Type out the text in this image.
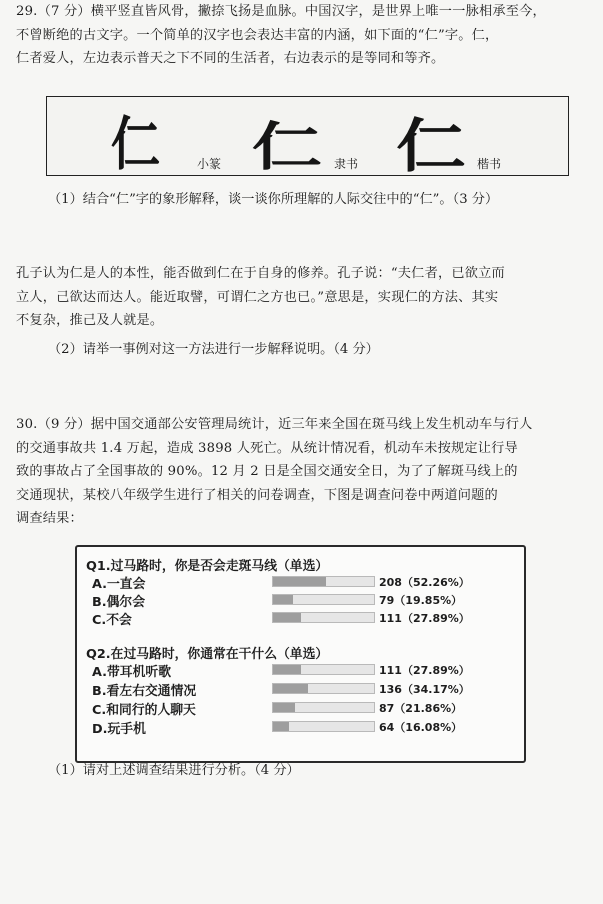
29.（7 分）横平竖直皆风骨，撇捺飞扬是血脉。中国汉字，是世界上唯一一脉相承至今，
不曾断绝的古文字。一个简单的汉字也会表达丰富的内涵，如下面的“仁”字。仁，
仁者爱人，左边表示普天之下不同的生活者，右边表示的是等同和等齐。
仁 仁 仁
小篆	隶书	楷书
（1）结合“仁”字的象形解释，谈一谈你所理解的人际交往中的“仁”。（3 分）
孔子认为仁是人的本性，能否做到仁在于自身的修养。孔子说：“夫仁者，已欲立而
立人，己欲达而达人。能近取譬，可谓仁之方也已。”意思是，实现仁的方法、其实
不复杂，推己及人就是。
（2）请举一事例对这一方法进行一步解释说明。（4 分）
30.（9 分）据中国交通部公安管理局统计，近三年来全国在斑马线上发生机动车与行人
的交通事故共 1.4 万起，造成 3898 人死亡。从统计情况看，机动车未按规定让行导
致的事故占了全国事故的 90%。12 月 2 日是全国交通安全日，为了了解斑马线上的
交通现状，某校八年级学生进行了相关的问卷调查，下图是调查问卷中两道问题的
调查结果：
Q1.过马路时，你是否会走斑马线（单选）
A.一直会	208（52.26%）
B.偶尔会	79（19.85%）
C.不会	111（27.89%）
Q2.在过马路时，你通常在干什么（单选）
A.带耳机听歌	111（27.89%）
B.看左右交通情况	136（34.17%）
C.和同行的人聊天	87（21.86%）
D.玩手机	64（16.08%）
（1）请对上述调查结果进行分析。（4 分）
